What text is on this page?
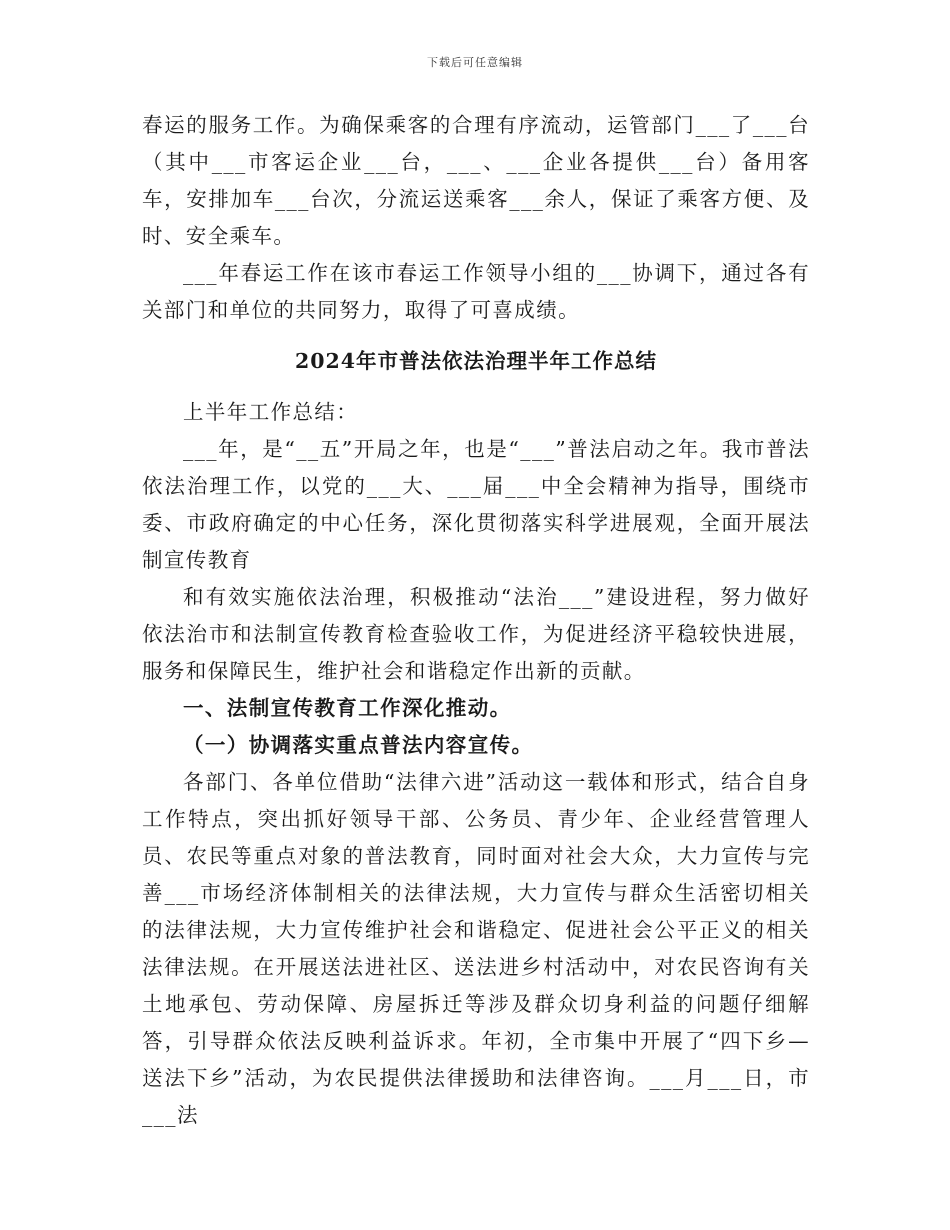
下载后可任意编辑

春运的服务工作。为确保乘客的合理有序流动，运管部门___了___台（其中___市客运企业___台，___、___企业各提供___台）备用客车，安排加车___台次，分流运送乘客___余人，保证了乘客方便、及时、安全乘车。

___年春运工作在该市春运工作领导小组的___协调下，通过各有关部门和单位的共同努力，取得了可喜成绩。

2024年市普法依法治理半年工作总结

上半年工作总结：

___年，是“__五”开局之年，也是“___”普法启动之年。我市普法依法治理工作，以党的___大、___届___中全会精神为指导，围绕市委、市政府确定的中心任务，深化贯彻落实科学进展观，全面开展法制宣传教育

和有效实施依法治理，积极推动“法治___”建设进程，努力做好依法治市和法制宣传教育检查验收工作，为促进经济平稳较快进展，服务和保障民生，维护社会和谐稳定作出新的贡献。

一、法制宣传教育工作深化推动。

（一）协调落实重点普法内容宣传。

各部门、各单位借助“法律六进”活动这一载体和形式，结合自身工作特点，突出抓好领导干部、公务员、青少年、企业经营管理人员、农民等重点对象的普法教育，同时面对社会大众，大力宣传与完善___市场经济体制相关的法律法规，大力宣传与群众生活密切相关的法律法规，大力宣传维护社会和谐稳定、促进社会公平正义的相关法律法规。在开展送法进社区、送法进乡村活动中，对农民咨询有关土地承包、劳动保障、房屋拆迁等涉及群众切身利益的问题仔细解答，引导群众依法反映利益诉求。年初，全市集中开展了“四下乡—送法下乡”活动，为农民提供法律援助和法律咨询。___月___日，市___法
